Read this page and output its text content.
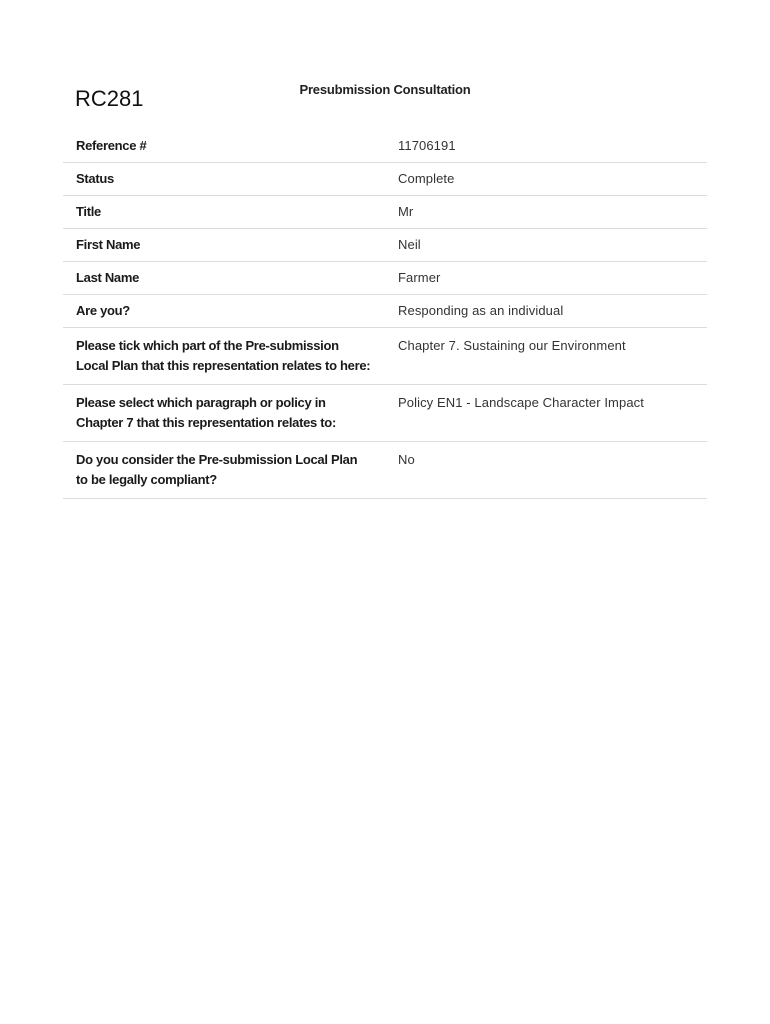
RC281	Presubmission Consultation
Reference #	11706191
Status	Complete
Title	Mr
First Name	Neil
Last Name	Farmer
Are you?	Responding as an individual
Please tick which part of the Pre-submission Local Plan that this representation relates to here:
Chapter 7. Sustaining our Environment
Please select which paragraph or policy in Chapter 7 that this representation relates to:
Policy EN1 - Landscape Character Impact
Do you consider the Pre-submission Local Plan to be legally compliant?
No
